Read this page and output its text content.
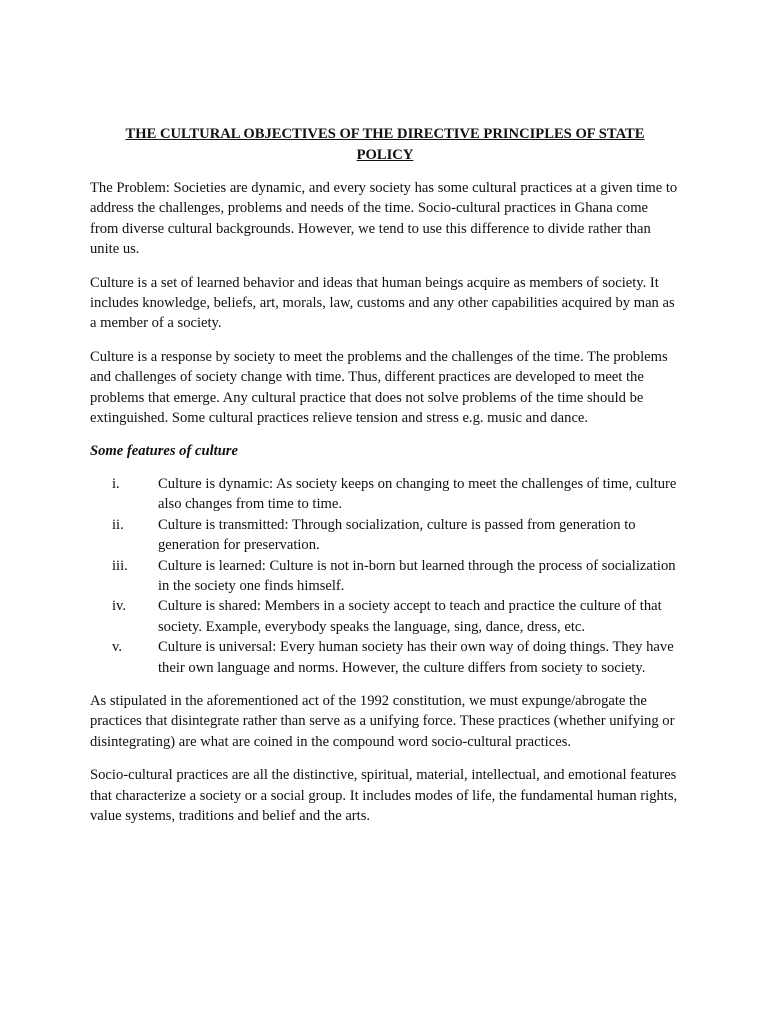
THE CULTURAL OBJECTIVES OF THE DIRECTIVE PRINCIPLES OF STATE POLICY

The Problem: Societies are dynamic, and every society has some cultural practices at a given time to address the challenges, problems and needs of the time. Socio-cultural practices in Ghana come from diverse cultural backgrounds. However, we tend to use this difference to divide rather than unite us.

Culture is a set of learned behavior and ideas that human beings acquire as members of society. It includes knowledge, beliefs, art, morals, law, customs and any other capabilities acquired by man as a member of a society.

Culture is a response by society to meet the problems and the challenges of the time. The problems and challenges of society change with time. Thus, different practices are developed to meet the problems that emerge. Any cultural practice that does not solve problems of the time should be extinguished. Some cultural practices relieve tension and stress e.g. music and dance.

Some features of culture

i.	Culture is dynamic: As society keeps on changing to meet the challenges of time, culture also changes from time to time.
ii. Culture is transmitted: Through socialization, culture is passed from generation to generation for preservation.
iii. Culture is learned: Culture is not in-born but learned through the process of socialization in the society one finds himself.
iv. Culture is shared: Members in a society accept to teach and practice the culture of that society. Example, everybody speaks the language, sing, dance, dress, etc.
v. Culture is universal: Every human society has their own way of doing things. They have their own language and norms. However, the culture differs from society to society.

As stipulated in the aforementioned act of the 1992 constitution, we must expunge/abrogate the practices that disintegrate rather than serve as a unifying force. These practices (whether unifying or disintegrating) are what are coined in the compound word socio-cultural practices.

Socio-cultural practices are all the distinctive, spiritual, material, intellectual, and emotional features that characterize a society or a social group. It includes modes of life, the fundamental human rights, value systems, traditions and belief and the arts.
